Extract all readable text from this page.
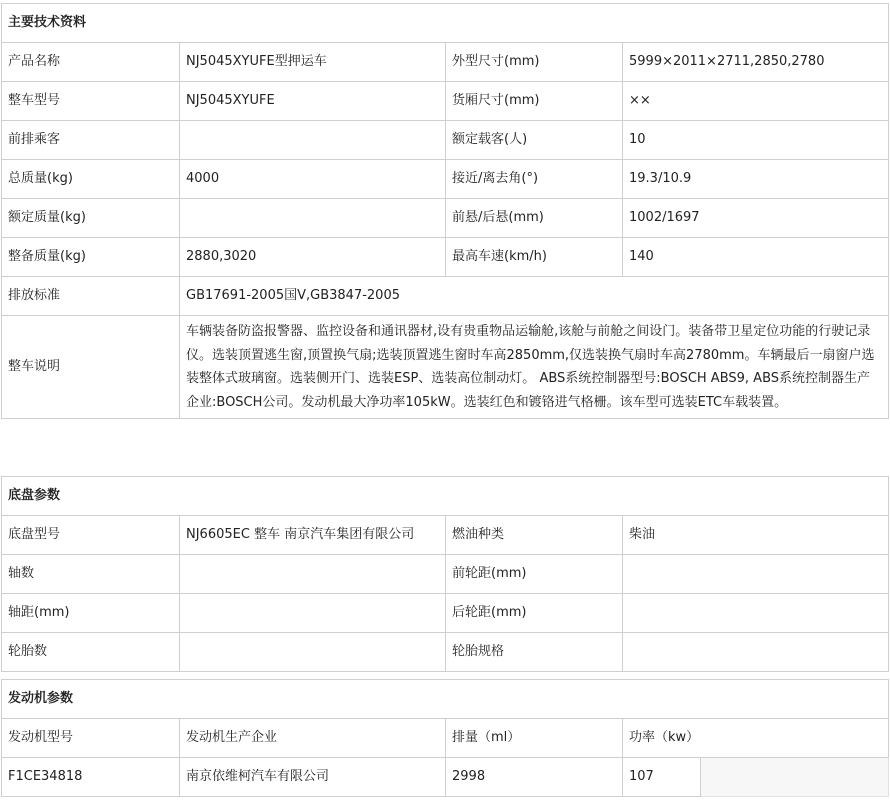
主要技术资料			
产品名称	NJ5045XYUFE型押运车	外型尺寸(mm)	5999×2011×2711,2850,2780
整车型号	NJ5045XYUFE	货厢尺寸(mm)	××
前排乘客		额定载客(人)	10
总质量(kg)	4000	接近/离去角(°)	19.3/10.9
额定质量(kg)		前悬/后悬(mm)	1002/1697
整备质量(kg)	2880,3020	最高车速(km/h)	140
排放标准	GB17691-2005国Ⅴ,GB3847-2005		
整车说明	车辆装备防盗报警器、监控设备和通讯器材,设有贵重物品运输舱,该舱与前舱之间设门。装备带卫星定位功能的行驶记录仪。选装顶置逃生窗,顶置换气扇;选装顶置逃生窗时车高2850mm,仅选装换气扇时车高2780mm。车辆最后一扇窗户选装整体式玻璃窗。选装侧开门、选装ESP、选装高位制动灯。 ABS系统控制器型号:BOSCH ABS9, ABS系统控制器生产企业:BOSCH公司。发动机最大净功率105kW。选装红色和镀铬进气格栅。该车型可选装ETC车载装置。		
底盘参数			
底盘型号	NJ6605EC 整车 南京汽车集团有限公司	燃油种类	柴油
轴数		前轮距(mm)	
轴距(mm)		后轮距(mm)	
轮胎数		轮胎规格	
发动机参数				
发动机型号	发动机生产企业	排量（ml）	功率（kw）	
F1CE34818	南京依维柯汽车有限公司	2998	107	
